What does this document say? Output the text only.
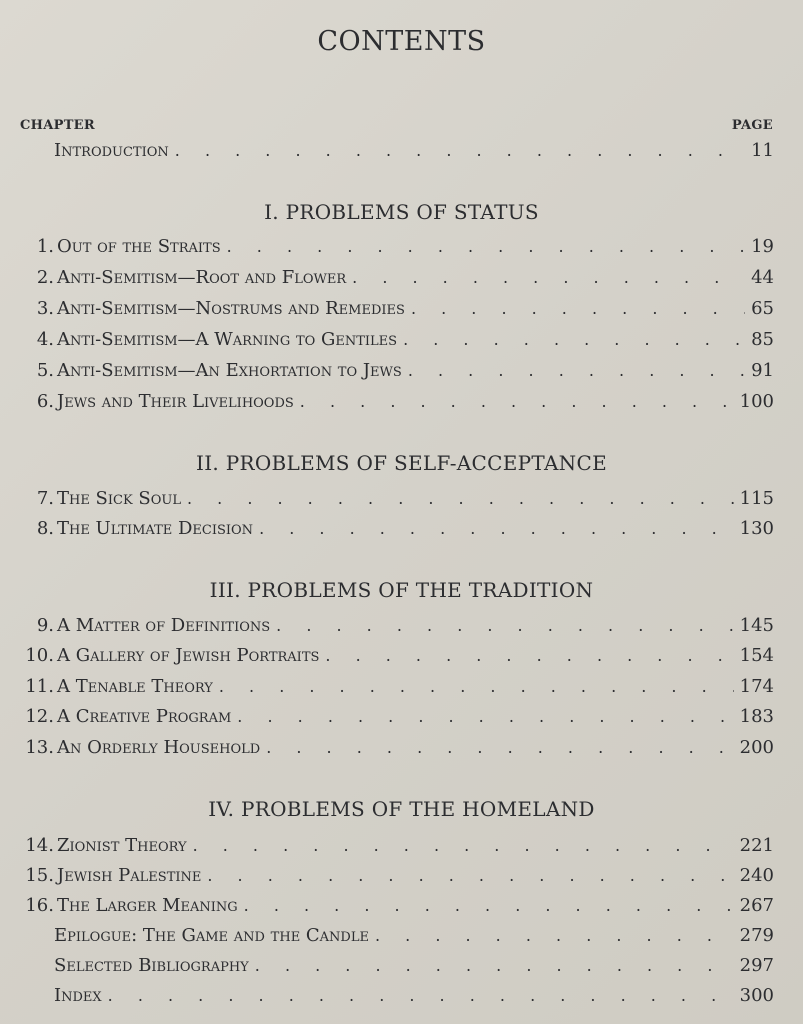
CONTENTS
CHAPTER	PAGE
Introduction . . .	11
I. PROBLEMS OF STATUS
1. Out of the Straits . . .	19
2. Anti-Semitism—Root and Flower . . .	44
3. Anti-Semitism—Nostrums and Remedies . . .	65
4. Anti-Semitism—A Warning to Gentiles . . .	85
5. Anti-Semitism—An Exhortation to Jews . . .	91
6. Jews and Their Livelihoods . . .	100
II. PROBLEMS OF SELF-ACCEPTANCE
7. The Sick Soul . . .	115
8. The Ultimate Decision . . .	130
III. PROBLEMS OF THE TRADITION
9. A Matter of Definitions . . .	145
10. A Gallery of Jewish Portraits . . .	154
11. A Tenable Theory . . .	174
12. A Creative Program . . .	183
13. An Orderly Household . . .	200
IV. PROBLEMS OF THE HOMELAND
14. Zionist Theory . . .	221
15. Jewish Palestine . . .	240
16. The Larger Meaning . . .	267
Epilogue: The Game and the Candle . . .	279
Selected Bibliography . . .	297
Index . . .	300
